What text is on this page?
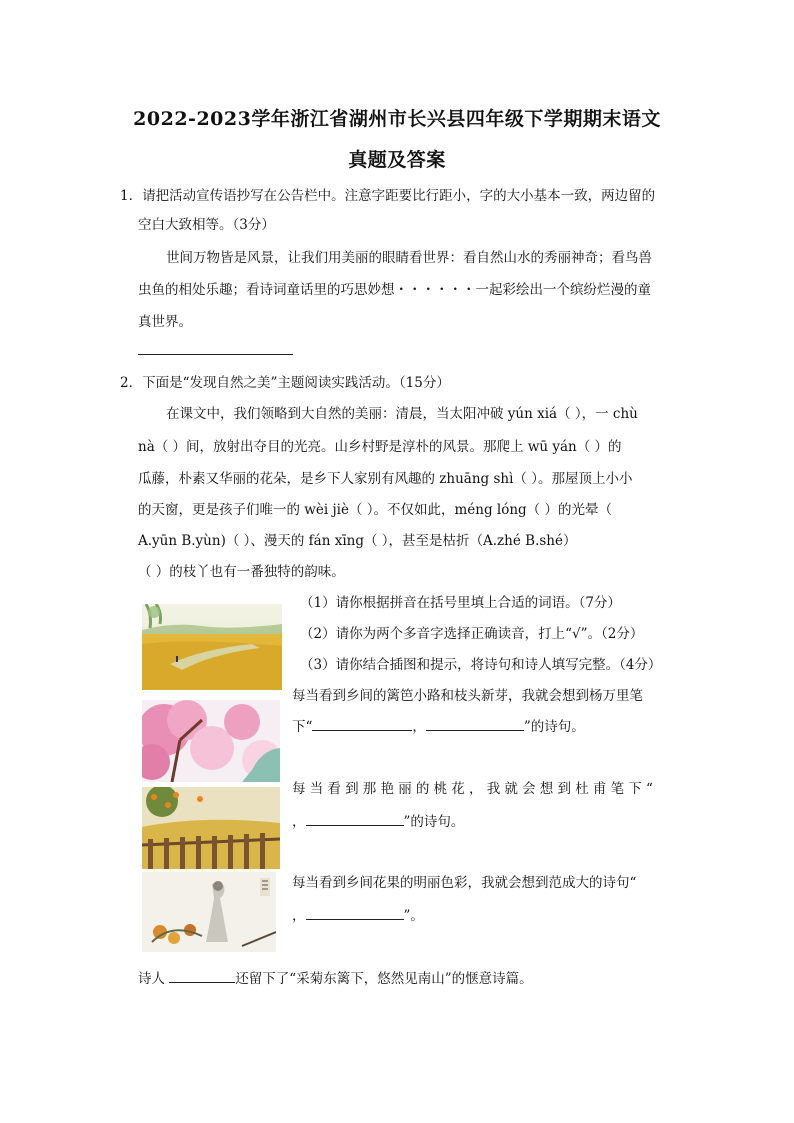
2022-2023学年浙江省湖州市长兴县四年级下学期期末语文
真题及答案
1．请把活动宣传语抄写在公告栏中。注意字距要比行距小，字的大小基本一致，两边留的
空白大致相等。（3分）
世间万物皆是风景，让我们用美丽的眼睛看世界：看自然山水的秀丽神奇；看鸟兽
虫鱼的相处乐趣；看诗词童话里的巧思妙想・・・・・・一起彩绘出一个缤纷烂漫的童
真世界。
2．下面是“发现自然之美”主题阅读实践活动。（15分）
在课文中，我们领略到大自然的美丽：清晨，当太阳冲破 yún xiá（ ），一 chù
nà（ ）间，放射出夺目的光亮。山乡村野是淳朴的风景。那爬上 wū yán（ ）的
瓜藤，朴素又华丽的花朵，是乡下人家别有风趣的 zhuāng shì（ ）。那屋顶上小小
的天窗，更是孩子们唯一的 wèi jiè（ ）。不仅如此，méng lóng（ ）的光晕（
A.yūn B.yùn)（ ）、漫天的 fán xīng（ ），甚至是枯折（A.zhé B.shé）
（ ）的枝丫也有一番独特的韵味。
（1）请你根据拼音在括号里填上合适的词语。（7分）
（2）请你为两个多音字选择正确读音，打上“√”。（2分）
（3）请你结合插图和提示，将诗句和诗人填写完整。（4分）
每当看到乡间的篱笆小路和枝头新芽，我就会想到杨万里笔
下“	，	”的诗句。
每当看到那艳丽的桃花，我就会想到杜甫笔下“
，	”的诗句。
每当看到乡间花果的明丽色彩，我就会想到范成大的诗句“
，	”。
诗人	还留下了“采菊东篱下，悠然见南山”的惬意诗篇。
